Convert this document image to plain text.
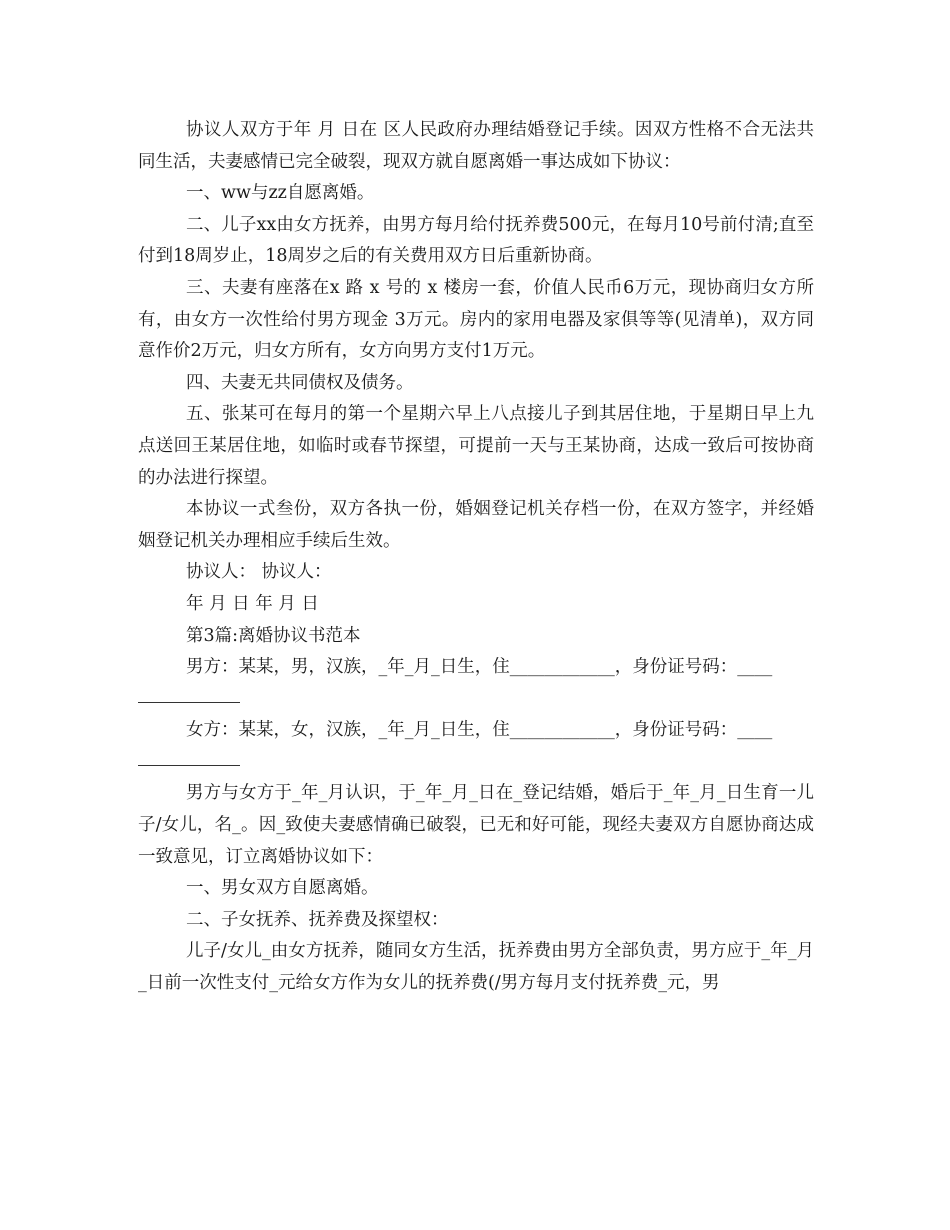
协议人双方于年 月 日在 区人民政府办理结婚登记手续。因双方性格不合无法共同生活，夫妻感情已完全破裂，现双方就自愿离婚一事达成如下协议：

一、ww与zz自愿离婚。

二、儿子xx由女方抚养，由男方每月给付抚养费500元，在每月10号前付清;直至付到18周岁止，18周岁之后的有关费用双方日后重新协商。

三、夫妻有座落在x 路 x 号的 x 楼房一套，价值人民币6万元，现协商归女方所有，由女方一次性给付男方现金 3万元。房内的家用电器及家俱等等(见清单)，双方同意作价2万元，归女方所有，女方向男方支付1万元。

四、夫妻无共同债权及债务。

五、张某可在每月的第一个星期六早上八点接儿子到其居住地，于星期日早上九点送回王某居住地，如临时或春节探望，可提前一天与王某协商，达成一致后可按协商的办法进行探望。

本协议一式叁份，双方各执一份，婚姻登记机关存档一份，在双方签字，并经婚姻登记机关办理相应手续后生效。

协议人： 协议人：

年 月 日 年 月 日

第3篇:离婚协议书范本

男方：某某，男，汉族，_年_月_日生，住____________，身份证号码：____

女方：某某，女，汉族，_年_月_日生，住____________，身份证号码：____

男方与女方于_年_月认识，于_年_月_日在_登记结婚，婚后于_年_月_日生育一儿子/女儿，名_。因_致使夫妻感情确已破裂，已无和好可能，现经夫妻双方自愿协商达成一致意见，订立离婚协议如下：

一、男女双方自愿离婚。

二、子女抚养、抚养费及探望权：

儿子/女儿_由女方抚养，随同女方生活，抚养费由男方全部负责，男方应于_年_月_日前一次性支付_元给女方作为女儿的抚养费(/男方每月支付抚养费_元，男
